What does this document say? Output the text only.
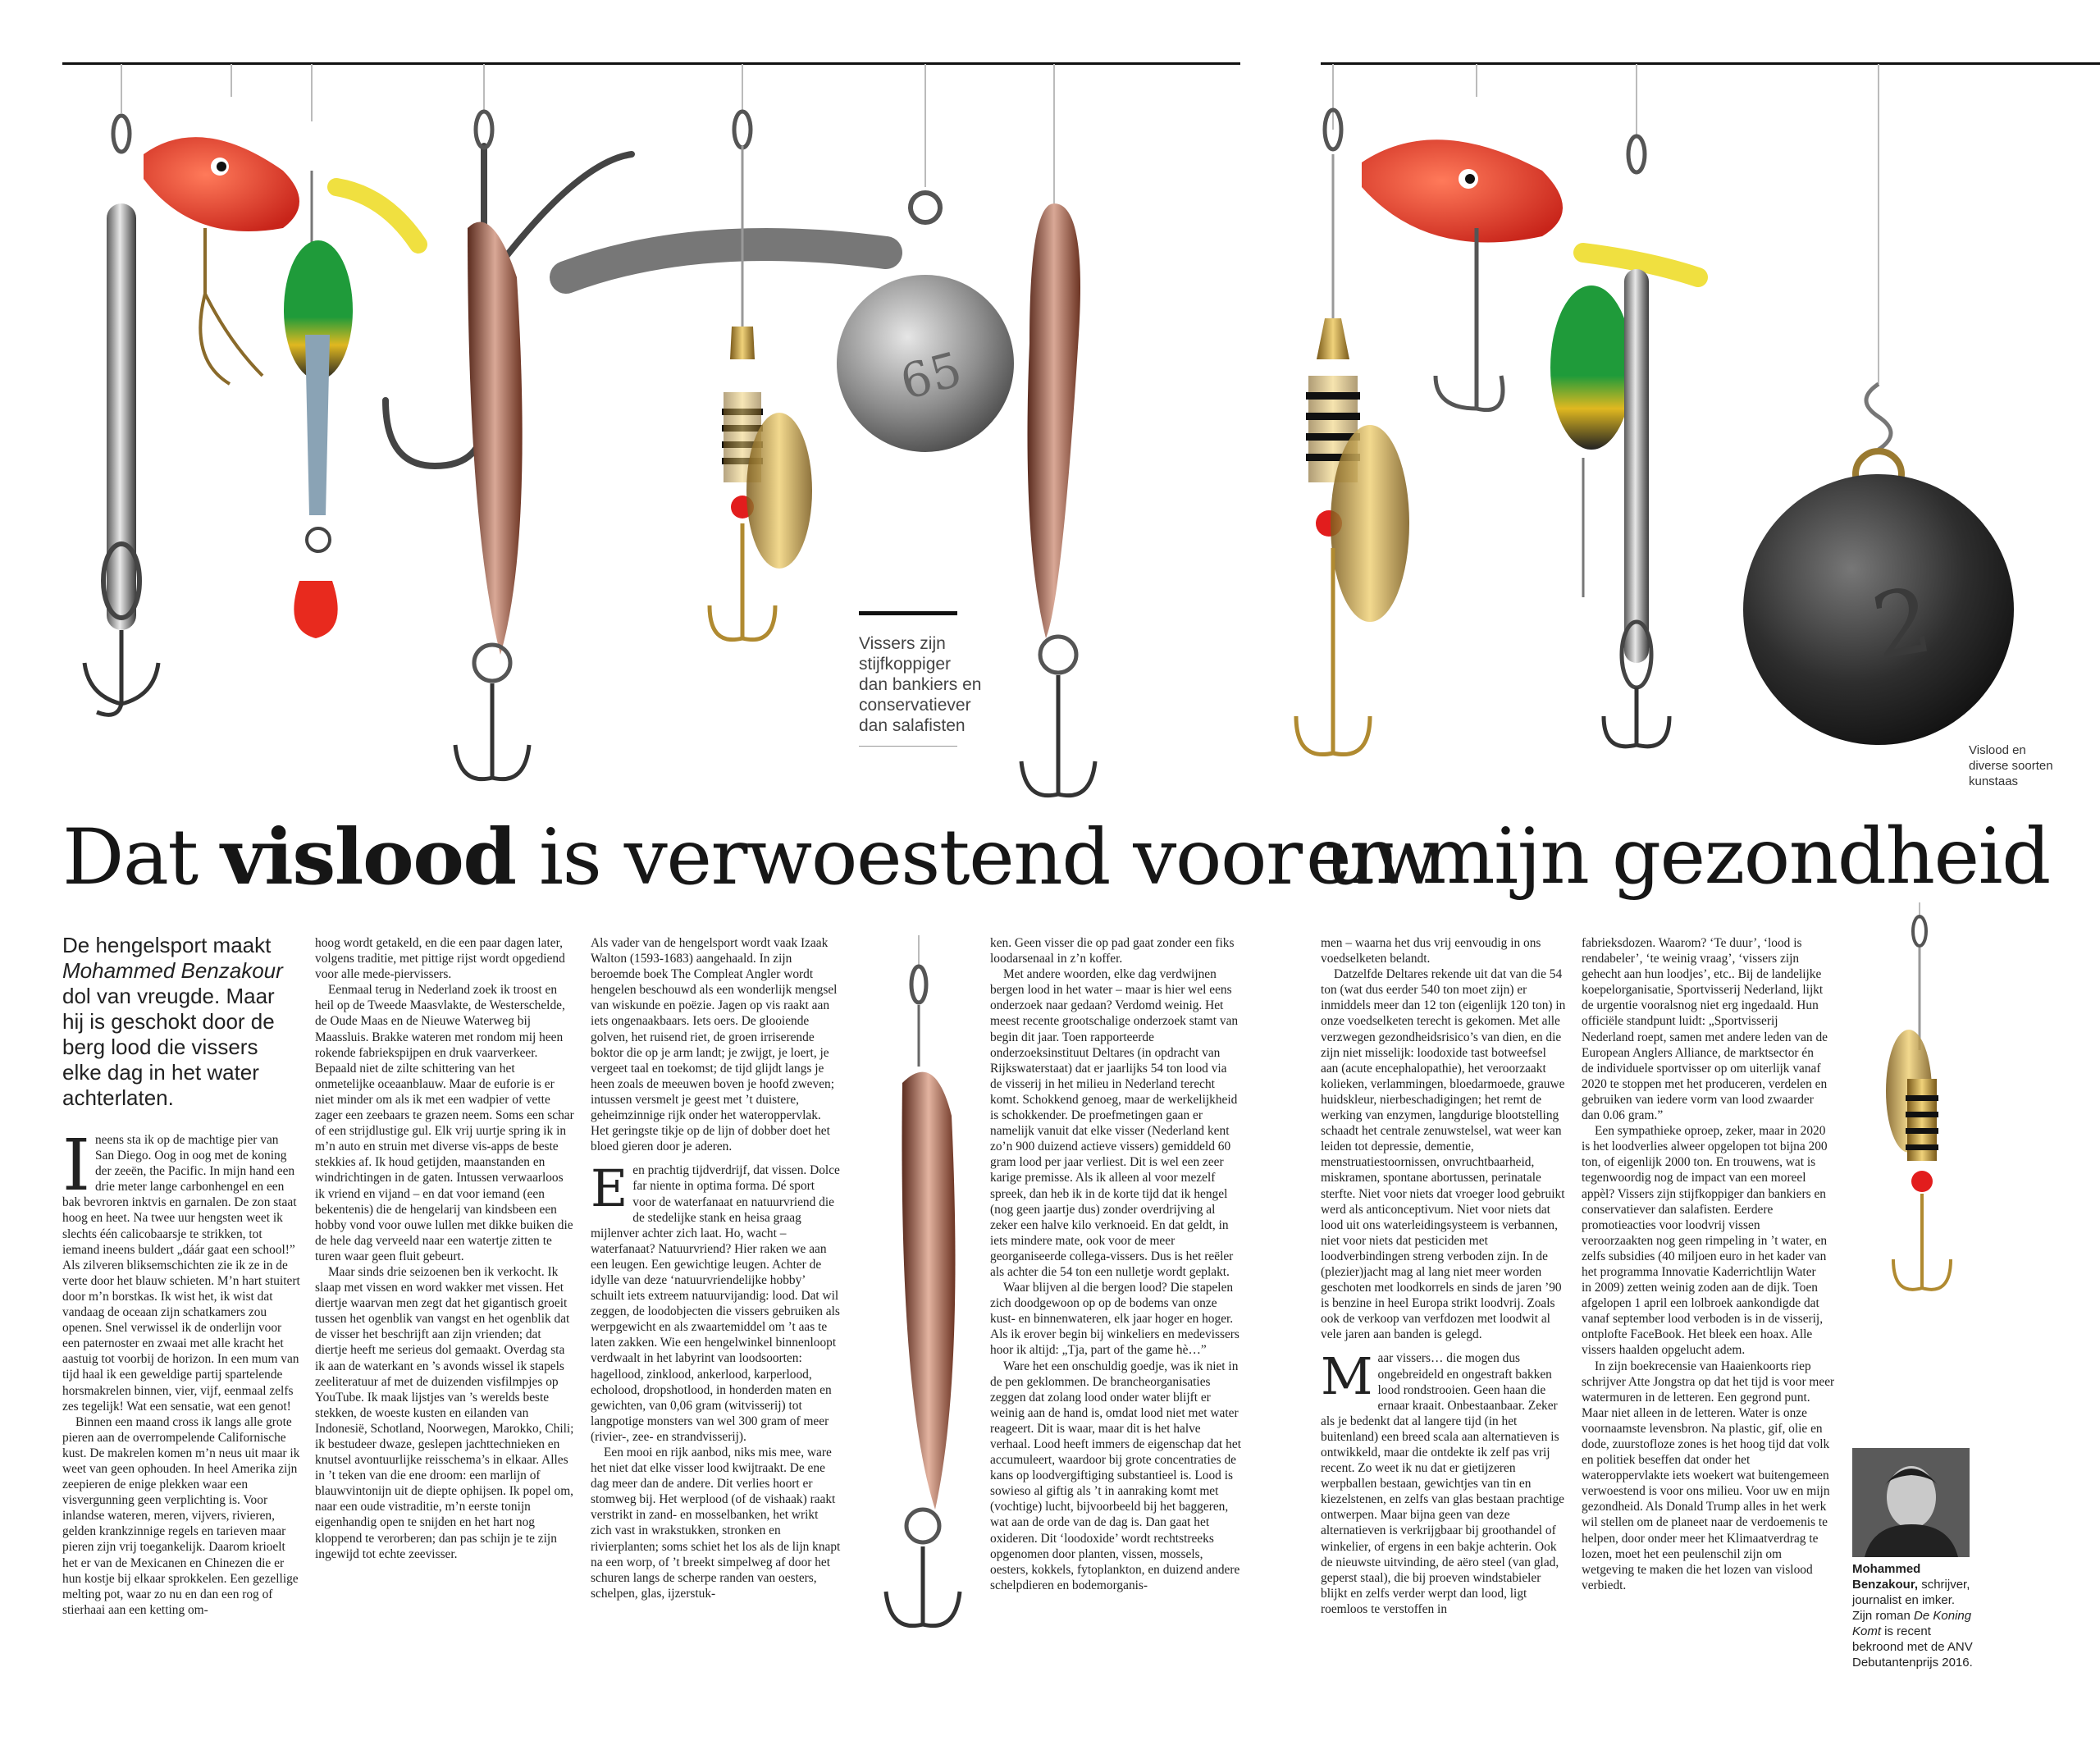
65
2
Vissers zijn stijfkoppiger dan bankiers en conservatiever dan salafisten
Vislood en diverse soorten kunstaas
Dat vislood is verwoestend voor uw
en mijn gezondheid
De hengelsport maakt Mohammed Benzakour dol van vreugde. Maar hij is geschokt door de berg lood die vissers elke dag in het water achterlaten.

Ineens sta ik op de machtige pier van San Diego. Oog in oog met de koning der zeeën, the Pacific. In mijn hand een drie meter lange carbonhengel en een bak bevroren inktvis en garnalen. De zon staat hoog en heet. Na twee uur hengsten weet ik slechts één calicobaarsje te strikken, tot iemand ineens buldert „dáár gaat een school!” Als zilveren bliksemschichten zie ik ze in de verte door het blauw schieten. M’n hart stuitert door m’n borstkas. Ik wist het, ik wist dat vandaag de oceaan zijn schatkamers zou openen. Snel verwissel ik de onderlijn voor een paternoster en zwaai met alle kracht het aastuig tot voorbij de horizon. In een mum van tijd haal ik een geweldige partij spartelende horsmakrelen binnen, vier, vijf, eenmaal zelfs zes tegelijk! Wat een sensatie, wat een genot!

Binnen een maand cross ik langs alle grote pieren aan de overrompelende Californische kust. De makrelen komen m’n neus uit maar ik weet van geen ophouden. In heel Amerika zijn zeepieren de enige plekken waar een visvergunning geen verplichting is. Voor inlandse wateren, meren, vijvers, rivieren, gelden krankzinnige regels en tarieven maar pieren zijn vrij toegankelijk. Daarom krioelt het er van de Mexicanen en Chinezen die er hun kostje bij elkaar sprokkelen. Een gezellige melting pot, waar zo nu en dan een rog of stierhaai aan een ketting om-

hoog wordt getakeld, en die een paar dagen later, volgens traditie, met pittige rijst wordt opgediend voor alle mede-piervissers.

Eenmaal terug in Nederland zoek ik troost en heil op de Tweede Maasvlakte, de Westerschelde, de Oude Maas en de Nieuwe Waterweg bij Maassluis. Brakke wateren met rondom mij heen rokende fabriekspijpen en druk vaarverkeer. Bepaald niet de zilte schittering van het onmetelijke oceaanblauw. Maar de euforie is er niet minder om als ik met een wadpier of vette zager een zeebaars te grazen neem. Soms een schar of een strijdlustige gul. Elk vrij uurtje spring ik in m’n auto en struin met diverse vis-apps de beste stekkies af. Ik houd getijden, maanstanden en windrichtingen in de gaten. Intussen verwaarloos ik vriend en vijand – en dat voor iemand (een bekentenis) die de hengelarij van kindsbeen een hobby vond voor ouwe lullen met dikke buiken die de hele dag verveeld naar een watertje zitten te turen waar geen fluit gebeurt.

Maar sinds drie seizoenen ben ik verkocht. Ik slaap met vissen en word wakker met vissen. Het diertje waarvan men zegt dat het gigantisch groeit tussen het ogenblik van vangst en het ogenblik dat de visser het beschrijft aan zijn vrienden; dat diertje heeft me serieus dol gemaakt. Overdag sta ik aan de waterkant en ’s avonds wissel ik stapels zeeliteratuur af met de duizenden visfilmpjes op YouTube. Ik maak lijstjes van ’s werelds beste stekken, de woeste kusten en eilanden van Indonesië, Schotland, Noorwegen, Marokko, Chili; ik bestudeer dwaze, geslepen jachttechnieken en knutsel avontuurlijke reisschema’s in elkaar. Alles in ’t teken van die ene droom: een marlijn of blauwvintonijn uit de diepte ophijsen. Ik popel om, naar een oude vistraditie, m’n eerste tonijn eigenhandig open te snijden en het hart nog kloppend te verorberen; dan pas schijn je te zijn ingewijd tot echte zeevisser.

Als vader van de hengelsport wordt vaak Izaak Walton (1593-1683) aangehaald. In zijn beroemde boek The Compleat Angler wordt hengelen beschouwd als een wonderlijk mengsel van wiskunde en poëzie. Jagen op vis raakt aan iets ongenaakbaars. Iets oers. De glooiende golven, het ruisend riet, de groen irriserende boktor die op je arm landt; je zwijgt, je loert, je vergeet taal en toekomst; de tijd glijdt langs je heen zoals de meeuwen boven je hoofd zweven; intussen versmelt je geest met ’t duistere, geheimzinnige rijk onder het wateroppervlak. Het geringste tikje op de lijn of dobber doet het bloed gieren door je aderen.

Een prachtig tijdverdrijf, dat vissen. Dolce far niente in optima forma. Dé sport voor de waterfanaat en natuurvriend die de stedelijke stank en heisa graag mijlenver achter zich laat. Ho, wacht – waterfanaat? Natuurvriend? Hier raken we aan een leugen. Een gewichtige leugen. Achter de idylle van deze ‘natuurvriendelijke hobby’ schuilt iets extreem natuurvijandig: lood. Dat wil zeggen, de loodobjecten die vissers gebruiken als werpgewicht en als zwaartemiddel om ’t aas te laten zakken. Wie een hengelwinkel binnenloopt verdwaalt in het labyrint van loodsoorten: hagellood, zinklood, ankerlood, karperlood, echolood, dropshotlood, in honderden maten en gewichten, van 0,06 gram (witvisserij) tot langpotige monsters van wel 300 gram of meer (rivier-, zee- en strandvisserij).

Een mooi en rijk aanbod, niks mis mee, ware het niet dat elke visser lood kwijtraakt. De ene dag meer dan de andere. Dit verlies hoort er stomweg bij. Het werplood (of de vishaak) raakt verstrikt in zand- en mosselbanken, het wrikt zich vast in wrakstukken, stronken en rivierplanten; soms schiet het los als de lijn knapt na een worp, of ’t breekt simpelweg af door het schuren langs de scherpe randen van oesters, schelpen, glas, ijzerstuk-

ken. Geen visser die op pad gaat zonder een fiks loodarsenaal in z’n koffer.

Met andere woorden, elke dag verdwijnen bergen lood in het water – maar is hier wel eens onderzoek naar gedaan? Verdomd weinig. Het meest recente grootschalige onderzoek stamt van begin dit jaar. Toen rapporteerde onderzoeksinstituut Deltares (in opdracht van Rijkswaterstaat) dat er jaarlijks 54 ton lood via de visserij in het milieu in Nederland terecht komt. Schokkend genoeg, maar de werkelijkheid is schokkender. De proefmetingen gaan er namelijk vanuit dat elke visser (Nederland kent zo’n 900 duizend actieve vissers) gemiddeld 60 gram lood per jaar verliest. Dit is wel een zeer karige premisse. Als ik alleen al voor mezelf spreek, dan heb ik in de korte tijd dat ik hengel (nog geen jaartje dus) zonder overdrijving al zeker een halve kilo verknoeid. En dat geldt, in iets mindere mate, ook voor de meer georganiseerde collega-vissers. Dus is het reëler als achter die 54 ton een nulletje wordt geplakt.

Waar blijven al die bergen lood? Die stapelen zich doodgewoon op op de bodems van onze kust- en binnenwateren, elk jaar hoger en hoger. Als ik erover begin bij winkeliers en medevissers hoor ik altijd: „Tja, part of the game hè…”

Ware het een onschuldig goedje, was ik niet in de pen geklommen. De brancheorganisaties zeggen dat zolang lood onder water blijft er weinig aan de hand is, omdat lood niet met water reageert. Dit is waar, maar dit is het halve verhaal. Lood heeft immers de eigenschap dat het accumuleert, waardoor bij grote concentraties de kans op loodvergiftiging substantieel is. Lood is sowieso al giftig als ’t in aanraking komt met (vochtige) lucht, bijvoorbeeld bij het baggeren, wat aan de orde van de dag is. Dan gaat het oxideren. Dit ‘loodoxide’ wordt rechtstreeks opgenomen door planten, vissen, mossels, oesters, kokkels, fytoplankton, en duizend andere schelpdieren en bodemorganis-

men – waarna het dus vrij eenvoudig in ons voedselketen belandt.

Datzelfde Deltares rekende uit dat van die 54 ton (wat dus eerder 540 ton moet zijn) er inmiddels meer dan 12 ton (eigenlijk 120 ton) in onze voedselketen terecht is gekomen. Met alle verzwegen gezondheidsrisico’s van dien, en die zijn niet misselijk: loodoxide tast botweefsel aan (acute encephalopathie), het veroorzaakt kolieken, verlammingen, bloedarmoede, grauwe huidskleur, nierbeschadigingen; het remt de werking van enzymen, langdurige blootstelling schaadt het centrale zenuwstelsel, wat weer kan leiden tot depressie, dementie, menstruatiestoornissen, onvruchtbaarheid, miskramen, spontane abortussen, perinatale sterfte. Niet voor niets dat vroeger lood gebruikt werd als anticonceptivum. Niet voor niets dat lood uit ons waterleidingsysteem is verbannen, niet voor niets dat pesticiden met loodverbindingen streng verboden zijn. In de (plezier)jacht mag al lang niet meer worden geschoten met loodkorrels en sinds de jaren ’90 is benzine in heel Europa strikt loodvrij. Zoals ook de verkoop van verfdozen met loodwit al vele jaren aan banden is gelegd.

Maar vissers… die mogen dus ongebreideld en ongestraft bakken lood rondstrooien. Geen haan die ernaar kraait. Onbestaanbaar. Zeker als je bedenkt dat al langere tijd (in het buitenland) een breed scala aan alternatieven is ontwikkeld, maar die ontdekte ik zelf pas vrij recent. Zo weet ik nu dat er gietijzeren werpballen bestaan, gewichtjes van tin en kiezelstenen, en zelfs van glas bestaan prachtige ontwerpen. Maar bijna geen van deze alternatieven is verkrijgbaar bij groothandel of winkelier, of ergens in een bakje achterin. Ook de nieuwste uitvinding, de aëro steel (van glad, geperst staal), die bij proeven windstabieler blijkt en zelfs verder werpt dan lood, ligt roemloos te verstoffen in

fabrieksdozen. Waarom? ‘Te duur’, ‘lood is rendabeler’, ‘te weinig vraag’, ‘vissers zijn gehecht aan hun loodjes’, etc.. Bij de landelijke koepelorganisatie, Sportvisserij Nederland, lijkt de urgentie vooralsnog niet erg ingedaald. Hun officiële standpunt luidt: „Sportvisserij Nederland roept, samen met andere leden van de European Anglers Alliance, de marktsector én de individuele sportvisser op om uiterlijk vanaf 2020 te stoppen met het produceren, verdelen en gebruiken van iedere vorm van lood zwaarder dan 0.06 gram.”

Een sympathieke oproep, zeker, maar in 2020 is het loodverlies alweer opgelopen tot bijna 200 ton, of eigenlijk 2000 ton. En trouwens, wat is tegenwoordig nog de impact van een moreel appèl? Vissers zijn stijfkoppiger dan bankiers en conservatiever dan salafisten. Eerdere promotieacties voor loodvrij vissen veroorzaakten nog geen rimpeling in ’t water, en zelfs subsidies (40 miljoen euro in het kader van het programma Innovatie Kaderrichtlijn Water in 2009) zetten weinig zoden aan de dijk. Toen afgelopen 1 april een lolbroek aankondigde dat vanaf september lood verboden is in de visserij, ontplofte FaceBook. Het bleek een hoax. Alle vissers haalden opgelucht adem.

In zijn boekrecensie van Haaienkoorts riep schrijver Atte Jongstra op dat het tijd is voor meer watermuren in de letteren. Een gegrond punt. Maar niet alleen in de letteren. Water is onze voornaamste levensbron. Na plastic, gif, olie en dode, zuurstofloze zones is het hoog tijd dat volk en politiek beseffen dat onder het wateroppervlakte iets woekert wat buitengemeen verwoestend is voor ons milieu. Voor uw en mijn gezondheid. Als Donald Trump alles in het werk wil stellen om de planeet naar de verdoemenis te helpen, door onder meer het Klimaatverdrag te lozen, moet het een peulenschil zijn om wetgeving te maken die het lozen van vislood verbiedt.

Mohammed Benzakour, schrijver, journalist en imker. Zijn roman De Koning Komt is recent bekroond met de ANV Debutantenprijs 2016.
